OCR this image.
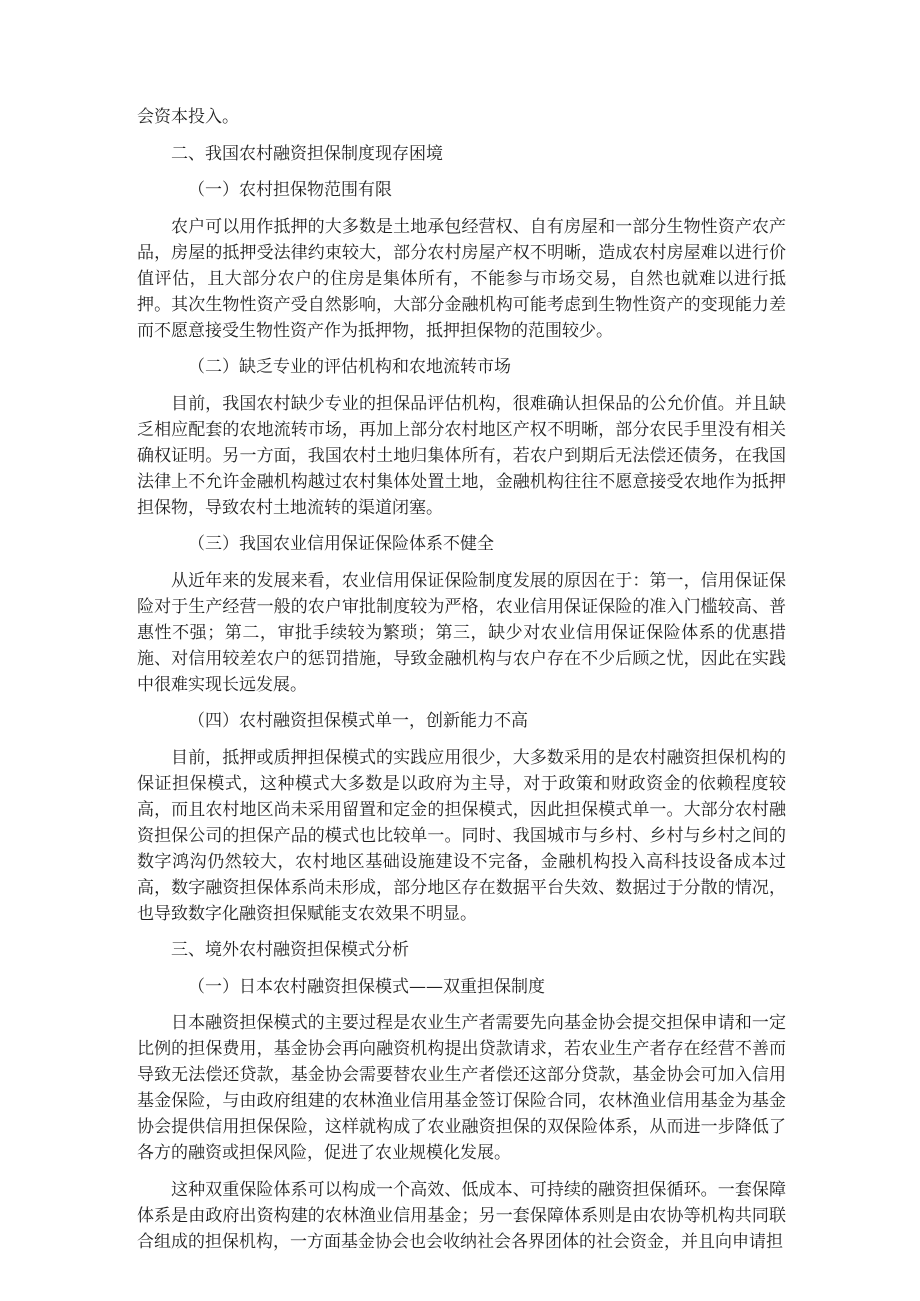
会资本投入。

二、我国农村融资担保制度现存困境

（一）农村担保物范围有限

农户可以用作抵押的大多数是土地承包经营权、自有房屋和一部分生物性资产农产品，房屋的抵押受法律约束较大，部分农村房屋产权不明晰，造成农村房屋难以进行价值评估，且大部分农户的住房是集体所有，不能参与市场交易，自然也就难以进行抵押。其次生物性资产受自然影响，大部分金融机构可能考虑到生物性资产的变现能力差而不愿意接受生物性资产作为抵押物，抵押担保物的范围较少。

（二）缺乏专业的评估机构和农地流转市场

目前，我国农村缺少专业的担保品评估机构，很难确认担保品的公允价值。并且缺乏相应配套的农地流转市场，再加上部分农村地区产权不明晰，部分农民手里没有相关确权证明。另一方面，我国农村土地归集体所有，若农户到期后无法偿还债务，在我国法律上不允许金融机构越过农村集体处置土地，金融机构往往不愿意接受农地作为抵押担保物，导致农村土地流转的渠道闭塞。

（三）我国农业信用保证保险体系不健全

从近年来的发展来看，农业信用保证保险制度发展的原因在于：第一，信用保证保险对于生产经营一般的农户审批制度较为严格，农业信用保证保险的准入门槛较高、普惠性不强；第二，审批手续较为繁琐；第三，缺少对农业信用保证保险体系的优惠措施、对信用较差农户的惩罚措施，导致金融机构与农户存在不少后顾之忧，因此在实践中很难实现长远发展。

（四）农村融资担保模式单一，创新能力不高

目前，抵押或质押担保模式的实践应用很少，大多数采用的是农村融资担保机构的保证担保模式，这种模式大多数是以政府为主导，对于政策和财政资金的依赖程度较高，而且农村地区尚未采用留置和定金的担保模式，因此担保模式单一。大部分农村融资担保公司的担保产品的模式也比较单一。同时、我国城市与乡村、乡村与乡村之间的数字鸿沟仍然较大，农村地区基础设施建设不完备，金融机构投入高科技设备成本过高，数字融资担保体系尚未形成，部分地区存在数据平台失效、数据过于分散的情况，也导致数字化融资担保赋能支农效果不明显。

三、境外农村融资担保模式分析

（一）日本农村融资担保模式——双重担保制度

日本融资担保模式的主要过程是农业生产者需要先向基金协会提交担保申请和一定比例的担保费用，基金协会再向融资机构提出贷款请求，若农业生产者存在经营不善而导致无法偿还贷款，基金协会需要替农业生产者偿还这部分贷款，基金协会可加入信用基金保险，与由政府组建的农林渔业信用基金签订保险合同，农林渔业信用基金为基金协会提供信用担保保险，这样就构成了农业融资担保的双保险体系，从而进一步降低了各方的融资或担保风险，促进了农业规模化发展。

这种双重保险体系可以构成一个高效、低成本、可持续的融资担保循环。一套保障体系是由政府出资构建的农林渔业信用基金；另一套保障体系则是由农协等机构共同联合组成的担保机构，一方面基金协会也会收纳社会各界团体的社会资金，并且向申请担
